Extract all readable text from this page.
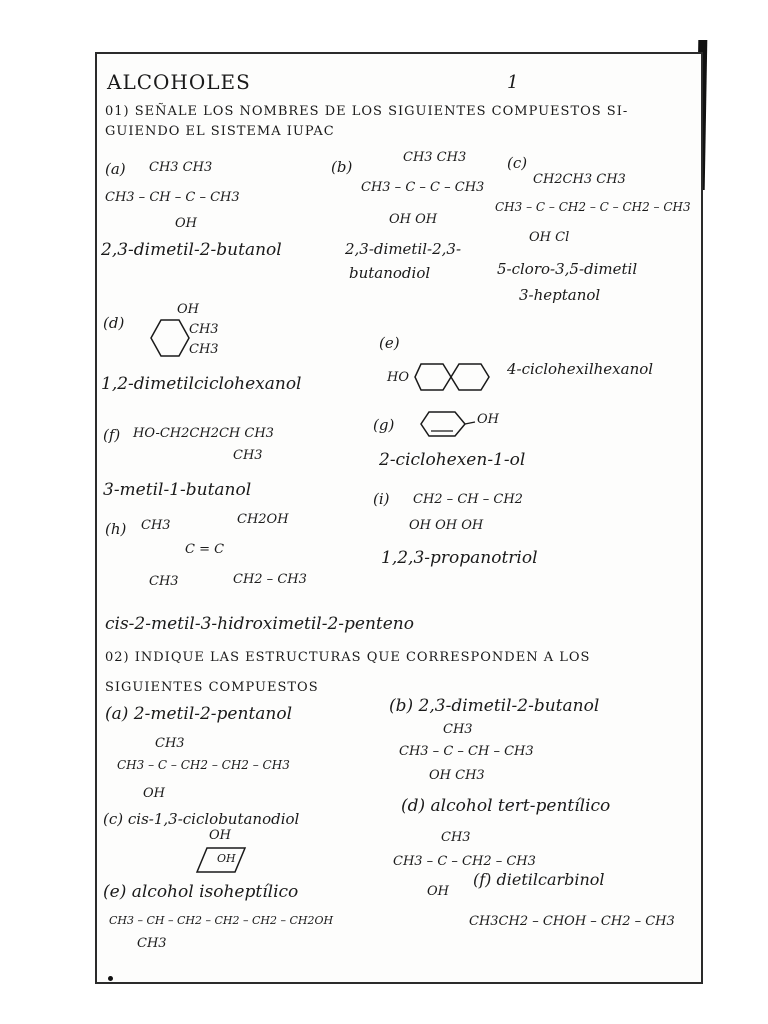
ALCOHOLES	1
01) SEÑALE LOS NOMBRES DE LOS SIGUIENTES COMPUESTOS SI-
GUIENDO EL SISTEMA IUPAC
(a) CH3 CH3
CH3 – CH – C – CH3
OH
2,3-dimetil-2-butanol
(b)
CH3 CH3
CH3 – C – C – CH3
OH OH
2,3-dimetil-2,3-
butanodiol
(c)
CH2CH3 CH3
CH3 – C – CH2 – C – CH2 – CH3
OH Cl
5-cloro-3,5-dimetil
3-heptanol
(d)
OH
CH3
CH3
1,2-dimetilciclohexanol
(e)
HO	4-ciclohexilhexanol
(f) HO-CH2CH2CH CH3
CH3
3-metil-1-butanol
(g)	OH
2-ciclohexen-1-ol
(i) CH2 – CH – CH2
OH OH OH
1,2,3-propanotriol
(h) CH3	CH2OH
C = C
CH3	CH2 – CH3
cis-2-metil-3-hidroximetil-2-penteno
02) INDIQUE LAS ESTRUCTURAS QUE CORRESPONDEN A LOS
SIGUIENTES COMPUESTOS
(a) 2-metil-2-pentanol
CH3
CH3 – C – CH2 – CH2 – CH3
OH
(b) 2,3-dimetil-2-butanol
CH3
CH3 – C – CH – CH3
OH CH3
(c) cis-1,3-ciclobutanodiol
OH
OH
(d) alcohol tert-pentílico
CH3
CH3 – C – CH2 – CH3
OH
(e) alcohol isoheptílico
CH3 – CH – CH2 – CH2 – CH2 – CH2OH
CH3
(f) dietilcarbinol
CH3CH2 – CHOH – CH2 – CH3
